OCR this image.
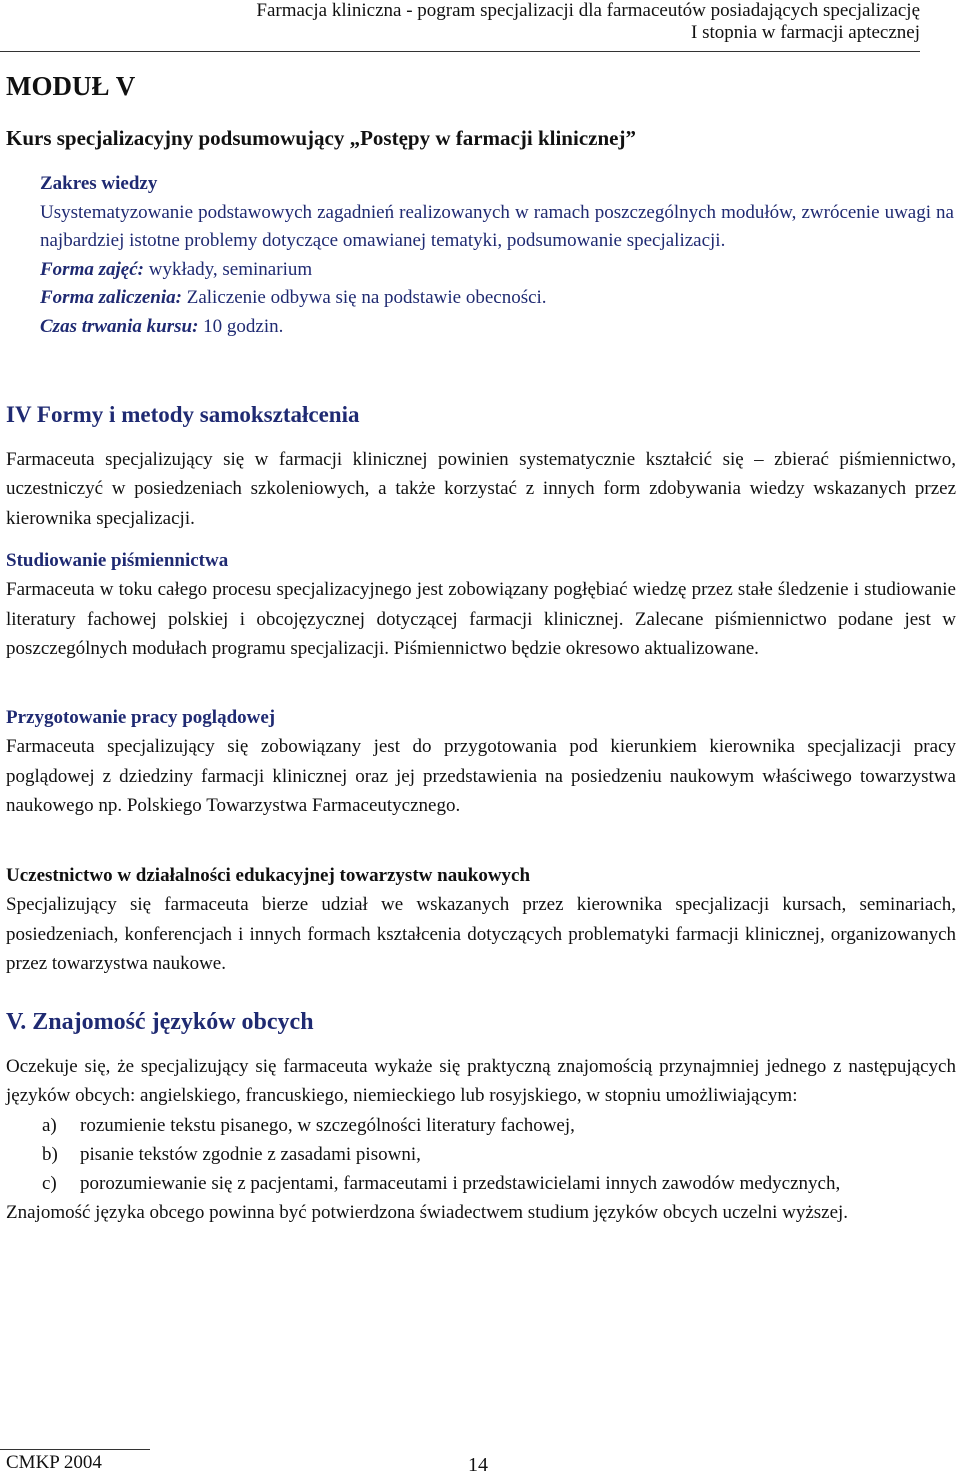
Farmacja kliniczna - pogram specjalizacji dla farmaceutów posiadających specjalizację
I stopnia w farmacji aptecznej
MODUŁ V
Kurs specjalizacyjny podsumowujący „Postępy w farmacji klinicznej”
Zakres wiedzy

Usystematyzowanie podstawowych zagadnień realizowanych w ramach poszczególnych modułów, zwrócenie uwagi na najbardziej istotne problemy dotyczące omawianej tematyki, podsumowanie specjalizacji.

Forma zajęć: wykłady, seminarium

Forma zaliczenia: Zaliczenie odbywa się na podstawie obecności.

Czas trwania kursu: 10 godzin.

IV Formy i metody samokształcenia

Farmaceuta specjalizujący się w farmacji klinicznej powinien systematycznie kształcić się – zbierać piśmiennictwo, uczestniczyć w posiedzeniach szkoleniowych, a także korzystać z innych form zdobywania wiedzy wskazanych przez kierownika specjalizacji.

Studiowanie piśmiennictwa

Farmaceuta w toku całego procesu specjalizacyjnego jest zobowiązany pogłębiać wiedzę przez stałe śledzenie i studiowanie literatury fachowej polskiej i obcojęzycznej dotyczącej farmacji klinicznej. Zalecane piśmiennictwo podane jest w poszczególnych modułach programu specjalizacji. Piśmiennictwo będzie okresowo aktualizowane.

Przygotowanie pracy poglądowej

Farmaceuta specjalizujący się zobowiązany jest do przygotowania pod kierunkiem kierownika specjalizacji pracy poglądowej z dziedziny farmacji klinicznej oraz jej przedstawienia na posiedzeniu naukowym właściwego towarzystwa naukowego np. Polskiego Towarzystwa Farmaceutycznego.

Uczestnictwo w działalności edukacyjnej towarzystw naukowych

Specjalizujący się farmaceuta bierze udział we wskazanych przez kierownika specjalizacji kursach, seminariach, posiedzeniach, konferencjach i innych formach kształcenia dotyczących problematyki farmacji klinicznej, organizowanych przez towarzystwa naukowe.

V. Znajomość języków obcych

Oczekuje się, że specjalizujący się farmaceuta wykaże się praktyczną znajomością przynajmniej jednego z następujących języków obcych: angielskiego, francuskiego, niemieckiego lub rosyjskiego, w stopniu umożliwiającym:

a) rozumienie tekstu pisanego, w szczególności literatury fachowej,
b) pisanie tekstów zgodnie z zasadami pisowni,
c) porozumiewanie się z pacjentami, farmaceutami i przedstawicielami innych zawodów medycznych,

Znajomość języka obcego powinna być potwierdzona świadectwem studium języków obcych uczelni wyższej.

CMKP 2004	14
